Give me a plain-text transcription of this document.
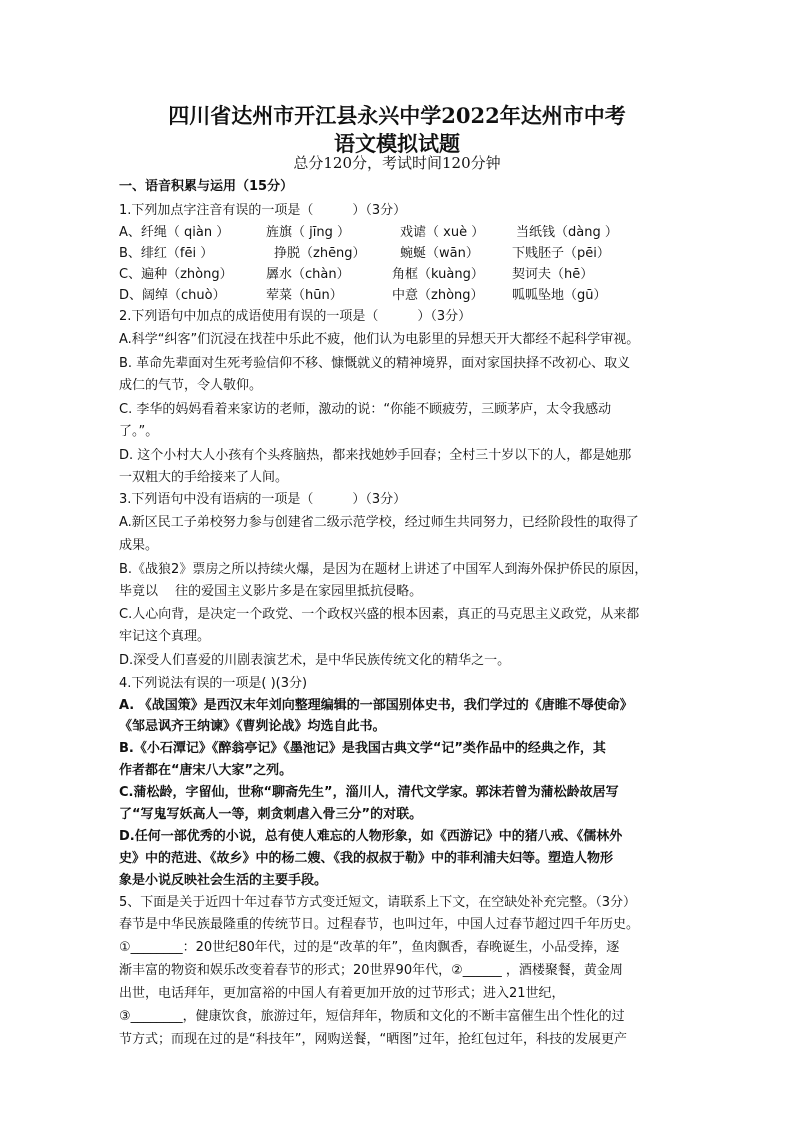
四川省达州市开江县永兴中学2022年达州市中考
语文模拟试题
总分120分，考试时间120分钟
一、语音积累与运用（15分）
1.下列加点字注音有误的一项是（　　　）（3分）
A、纤绳（ qiàn ）	旌旗（ jīng ）	戏谑（ xuè ） 当纸钱（dàng ）
B、绯红（fēi ）	挣脱（zhēng）	蜿蜒（wān）	下贱胚子（pēi）
C、遍种（zhòng）	羼水（chàn）	角框（kuàng） 契诃夫（hē）
D、阔绰（chuò）	荤菜（hūn）	中意（zhòng） 呱呱坠地（gū）
2.下列语句中加点的成语使用有误的一项是（　　　）（3分）
A.科学“纠客”们沉浸在找茬中乐此不疲，他们认为电影里的异想天开大都经不起科学审视。
B. 革命先辈面对生死考验信仰不移、慷慨就义的精神境界，面对家国抉择不改初心、取义
成仁的气节，令人敬仰。
C. 李华的妈妈看着来家访的老师，激动的说：“你能不顾疲劳，三顾茅庐，太令我感动
了。”。
D. 这个小村大人小孩有个头疼脑热，都来找她妙手回春；全村三十岁以下的人，都是她那
一双粗大的手给接来了人间。
3.下列语句中没有语病的一项是（　　　）（3分）
A.新区民工子弟校努力参与创建省二级示范学校，经过师生共同努力，已经阶段性的取得了
成果。
B.《战狼2》票房之所以持续火爆，是因为在题材上讲述了中国军人到海外保护侨民的原因，
毕竟以　 往的爱国主义影片多是在家园里抵抗侵略。
C.人心向背，是决定一个政党、一个政权兴盛的根本因素，真正的马克思主义政党，从来都
牢记这个真理。
D.深受人们喜爱的川剧表演艺术，是中华民族传统文化的精华之一。
4.下列说法有误的一项是( )(3分)
A. 《战国策》是西汉末年刘向整理编辑的一部国别体史书，我们学过的《唐睢不辱使命》
《邹忌讽齐王纳谏》《曹刿论战》均选自此书。
B.《小石潭记》《醉翁亭记》《墨池记》是我国古典文学“记”类作品中的经典之作，其
作者都在“唐宋八大家”之列。
C.蒲松龄，字留仙，世称“聊斋先生”，淄川人，清代文学家。郭沫若曾为蒲松龄故居写
了“写鬼写妖高人一等，刺贪刺虐入骨三分”的对联。
D.任何一部优秀的小说，总有使人难忘的人物形象，如《西游记》中的猪八戒、《儒林外
史》中的范进、《故乡》中的杨二嫂、《我的叔叔于勒》中的菲利浦夫妇等。塑造人物形
象是小说反映社会生活的主要手段。
5、下面是关于近四十年过春节方式变迁短文，请联系上下文，在空缺处补充完整。（3分）
春节是中华民族最隆重的传统节日。过程春节，也叫过年，中国人过春节超过四千年历史。
①________：20世纪80年代，过的是“改革的年”，鱼肉飘香，春晚诞生，小品受捧，逐
渐丰富的物资和娱乐改变着春节的形式；20世界90年代，②______ ，酒楼聚餐，黄金周
出世，电话拜年，更加富裕的中国人有着更加开放的过节形式；进入21世纪，
③________，健康饮食，旅游过年，短信拜年，物质和文化的不断丰富催生出个性化的过
节方式；而现在过的是“科技年”，网购送餐，“晒图”过年，抢红包过年，科技的发展更产
